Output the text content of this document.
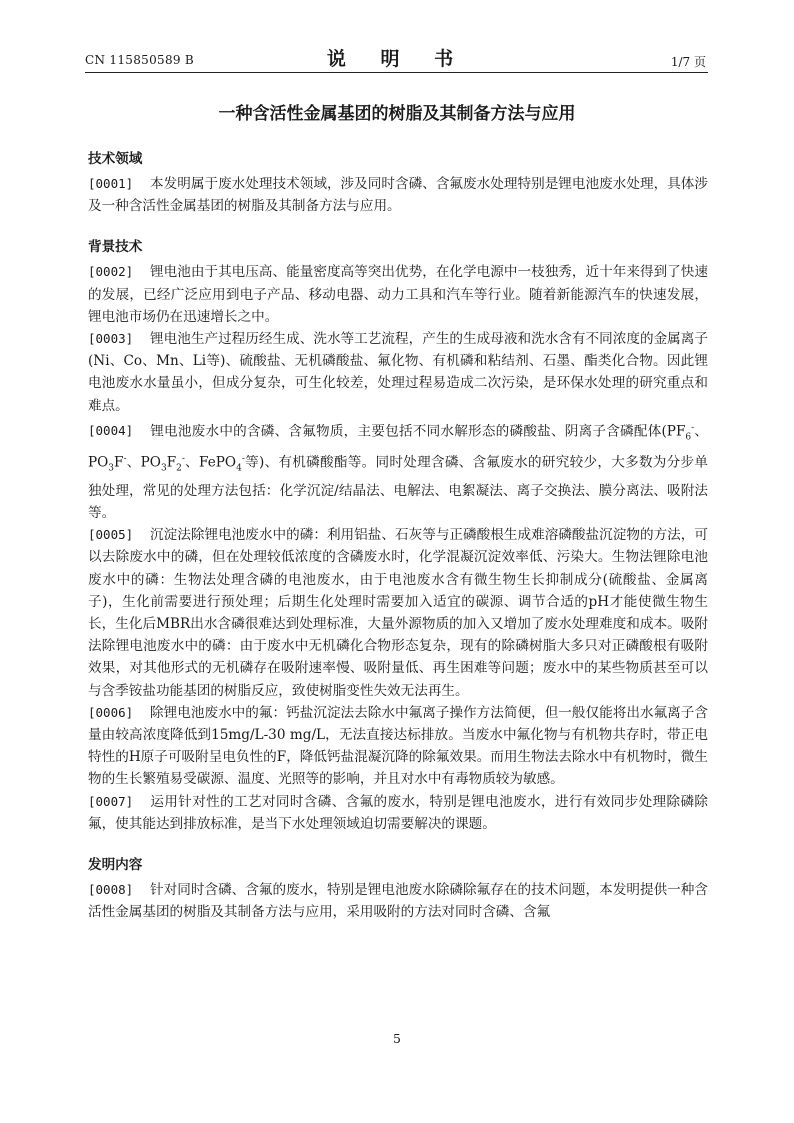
CN 115850589 B	说 明 书	1/7 页
一种含活性金属基团的树脂及其制备方法与应用
技术领域

[0001] 本发明属于废水处理技术领域，涉及同时含磷、含氟废水处理特别是锂电池废水处理，具体涉及一种含活性金属基团的树脂及其制备方法与应用。

背景技术

[0002] 锂电池由于其电压高、能量密度高等突出优势，在化学电源中一枝独秀，近十年来得到了快速的发展，已经广泛应用到电子产品、移动电器、动力工具和汽车等行业。随着新能源汽车的快速发展，锂电池市场仍在迅速增长之中。

[0003] 锂电池生产过程历经生成、洗水等工艺流程，产生的生成母液和洗水含有不同浓度的金属离子(Ni、Co、Mn、Li等)、硫酸盐、无机磷酸盐、氟化物、有机磷和粘结剂、石墨、酯类化合物。因此锂电池废水水量虽小，但成分复杂，可生化较差，处理过程易造成二次污染，是环保水处理的研究重点和难点。

[0004] 锂电池废水中的含磷、含氟物质，主要包括不同水解形态的磷酸盐、阴离子含磷配体($PF_6^-$、$PO_3F^-$、$PO_3F_2^-$、FePO$_4$-等)、有机磷酸酯等。同时处理含磷、含氟废水的研究较少，大多数为分步单独处理，常见的处理方法包括：化学沉淀/结晶法、电解法、电絮凝法、离子交换法、膜分离法、吸附法等。

[0005] 沉淀法除锂电池废水中的磷：利用铝盐、石灰等与正磷酸根生成难溶磷酸盐沉淀物的方法，可以去除废水中的磷，但在处理较低浓度的含磷废水时，化学混凝沉淀效率低、污染大。生物法锂除电池废水中的磷：生物法处理含磷的电池废水，由于电池废水含有微生物生长抑制成分(硫酸盐、金属离子)，生化前需要进行预处理；后期生化处理时需要加入适宜的碳源、调节合适的pH才能使微生物生长，生化后MBR出水含磷很难达到处理标准，大量外源物质的加入又增加了废水处理难度和成本。吸附法除锂电池废水中的磷：由于废水中无机磷化合物形态复杂，现有的除磷树脂大多只对正磷酸根有吸附效果，对其他形式的无机磷存在吸附速率慢、吸附量低、再生困难等问题；废水中的某些物质甚至可以与含季铵盐功能基团的树脂反应，致使树脂变性失效无法再生。

[0006] 除锂电池废水中的氟：钙盐沉淀法去除水中氟离子操作方法简便，但一般仅能将出水氟离子含量由较高浓度降低到15mg/L-30 mg/L，无法直接达标排放。当废水中氟化物与有机物共存时，带正电特性的H原子可吸附呈电负性的F，降低钙盐混凝沉降的除氟效果。而用生物法去除水中有机物时，微生物的生长繁殖易受碳源、温度、光照等的影响，并且对水中有毒物质较为敏感。

[0007] 运用针对性的工艺对同时含磷、含氟的废水，特别是锂电池废水，进行有效同步处理除磷除氟，使其能达到排放标准，是当下水处理领域迫切需要解决的课题。

发明内容

[0008] 针对同时含磷、含氟的废水，特别是锂电池废水除磷除氟存在的技术问题，本发明提供一种含活性金属基团的树脂及其制备方法与应用，采用吸附的方法对同时含磷、含氟

5
